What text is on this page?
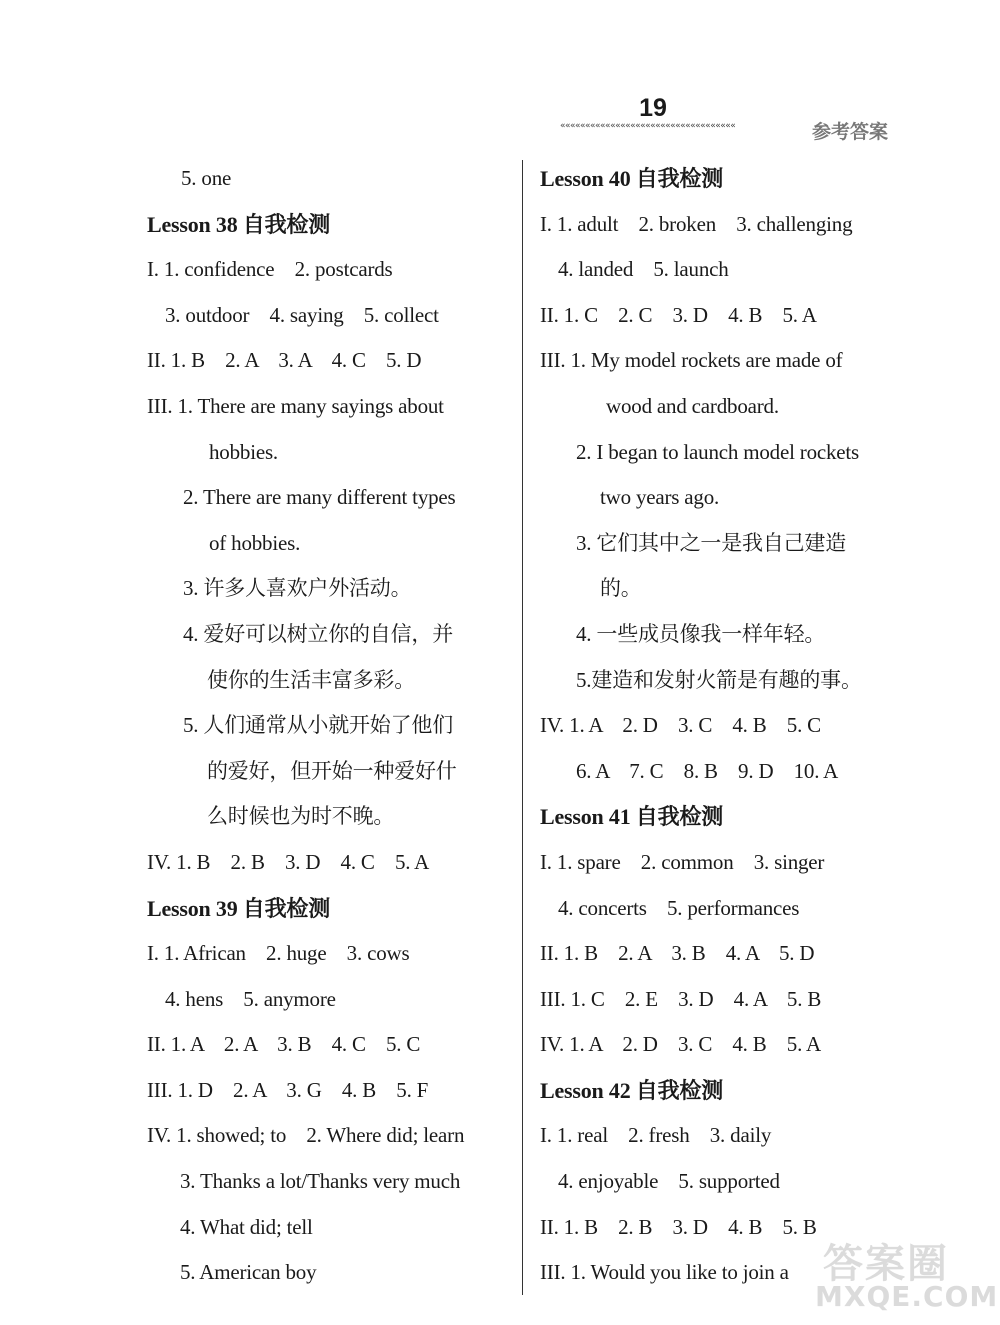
19
«««««««««««««««««««««««««««««««««««	参考答案
5. one
Lesson 38 自我检测
I. 1. confidence    2. postcards
3. outdoor    4. saying    5. collect
II. 1. B    2. A    3. A    4. C    5. D
III. 1. There are many sayings about
hobbies.
2. There are many different types
of hobbies.
3. 许多人喜欢户外活动。
4. 爱好可以树立你的自信，并
使你的生活丰富多彩。
5. 人们通常从小就开始了他们
的爱好，但开始一种爱好什
么时候也为时不晚。
IV. 1. B    2. B    3. D    4. C    5. A
Lesson 39 自我检测
I. 1. African    2. huge    3. cows
4. hens    5. anymore
II. 1. A    2. A    3. B    4. C    5. C
III. 1. D    2. A    3. G    4. B    5. F
IV. 1. showed; to    2. Where did; learn
3. Thanks a lot/Thanks very much
4. What did; tell
5. American boy
Lesson 40 自我检测
I. 1. adult    2. broken    3. challenging
4. landed    5. launch
II. 1. C    2. C    3. D    4. B    5. A
III. 1. My model rockets are made of
wood and cardboard.
2. I began to launch model rockets
two years ago.
3. 它们其中之一是我自己建造
的。
4. 一些成员像我一样年轻。
5.建造和发射火箭是有趣的事。
IV. 1. A    2. D    3. C    4. B    5. C
6. A    7. C    8. B    9. D    10. A
Lesson 41 自我检测
I. 1. spare    2. common    3. singer
4. concerts    5. performances
II. 1. B    2. A    3. B    4. A    5. D
III. 1. C    2. E    3. D    4. A    5. B
IV. 1. A    2. D    3. C    4. B    5. A
Lesson 42 自我检测
I. 1. real    2. fresh    3. daily
4. enjoyable    5. supported
II. 1. B    2. B    3. D    4. B    5. B
III. 1. Would you like to join a 答案圈
MXQE.COM
